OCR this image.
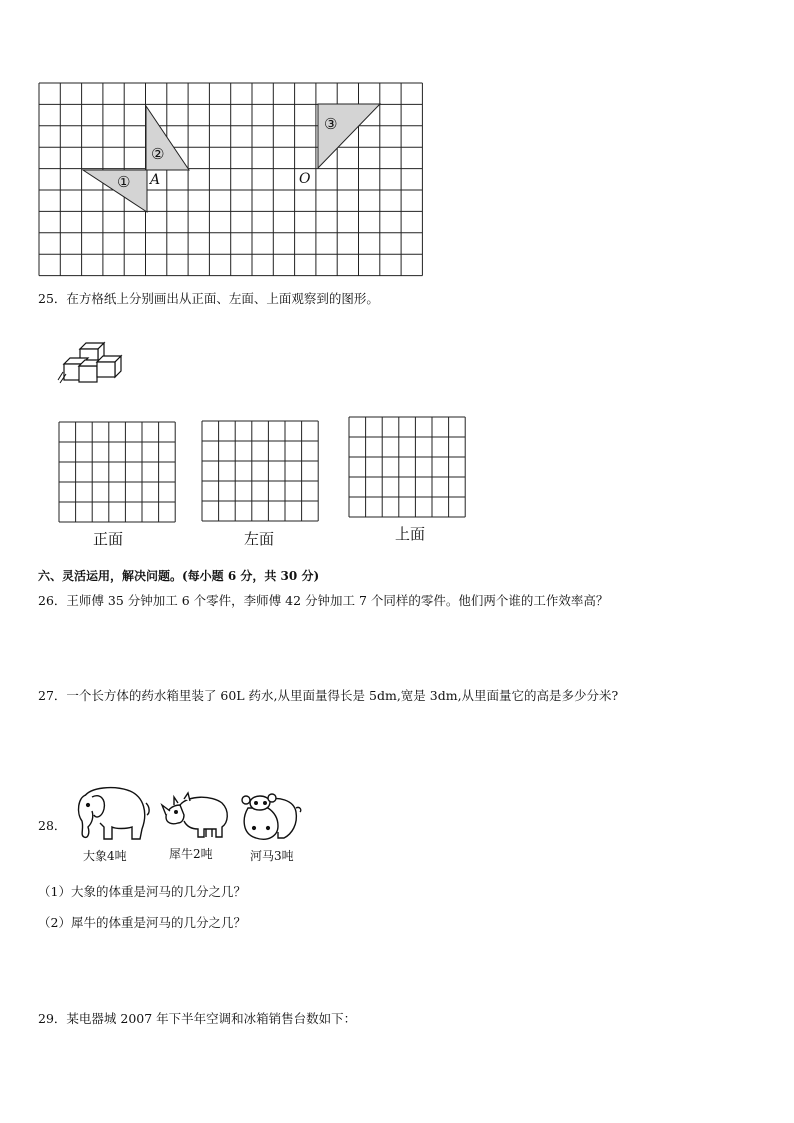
①
②
③
A	O
25．在方格纸上分别画出从正面、左面、上面观察到的图形。
正面	左面	上面
六、灵活运用，解决问题。(每小题 6 分，共 30 分)
26．王师傅 35 分钟加工 6 个零件，李师傅 42 分钟加工 7 个同样的零件。他们两个谁的工作效率高？
27．一个长方体的药水箱里装了 60L 药水,从里面量得长是 5dm,宽是 3dm,从里面量它的高是多少分米?
28．
大象4吨	犀牛2吨	河马3吨
（1）大象的体重是河马的几分之几？
（2）犀牛的体重是河马的几分之几？
29．某电器城 2007 年下半年空调和冰箱销售台数如下：
